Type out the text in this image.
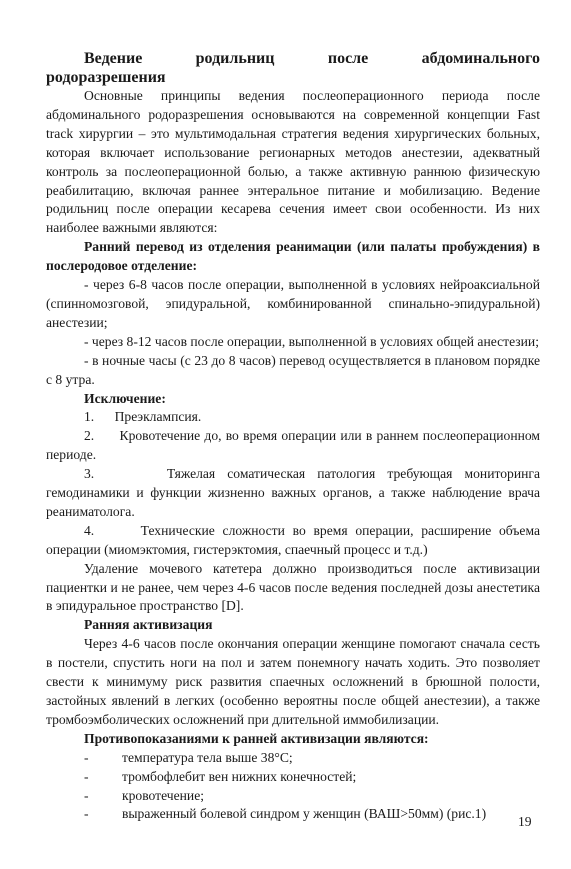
Ведение родильниц после абдоминального

родоразрешения

Основные принципы ведения послеоперационного периода после абдоминального родоразрешения основываются на современной концепции Fast track хирургии – это мультимодальная стратегия ведения хирургических больных, которая включает использование регионарных методов анестезии, адекватный контроль за послеоперационной болью, а также активную раннюю физическую реабилитацию, включая раннее энтеральное питание и мобилизацию. Ведение родильниц после операции кесарева сечения имеет свои особенности. Из них наиболее важными являются:

Ранний перевод из отделения реанимации (или палаты пробуждения) в послеродовое отделение:

- через 6-8 часов после операции, выполненной в условиях нейроаксиальной (спинномозговой, эпидуральной, комбинированной спинально-эпидуральной) анестезии;

- через 8-12 часов после операции, выполненной в условиях общей анестезии;

- в ночные часы (с 23 до 8 часов) перевод осуществляется в плановом порядке с 8 утра.

Исключение:

1. Преэклампсия.

2. Кровотечение до, во время операции или в раннем послеоперационном периоде.

3.	Тяжелая соматическая патология требующая мониторинга гемодинамики и функции жизненно важных органов, а также наблюдение врача реаниматолога.

4.	Технические сложности во время операции, расширение объема операции (миомэктомия, гистерэктомия, спаечный процесс и т.д.)

Удаление мочевого катетера должно производиться после активизации пациентки и не ранее, чем через 4-6 часов после ведения последней дозы анестетика в эпидуральное пространство [D].

Ранняя активизация

Через 4-6 часов после окончания операции женщине помогают сначала сесть в постели, спустить ноги на пол и затем понемногу начать ходить. Это позволяет свести к минимуму риск развития спаечных осложнений в брюшной полости, застойных явлений в легких (особенно вероятны после общей анестезии), а также тромбоэмболических осложнений при длительной иммобилизации.

Противопоказаниями к ранней активизации являются:

-	температура тела выше 38°С;
-	тромбофлебит вен нижних конечностей;
-	кровотечение;
-	выраженный болевой синдром у женщин (ВАШ>50мм) (рис.1)
19
